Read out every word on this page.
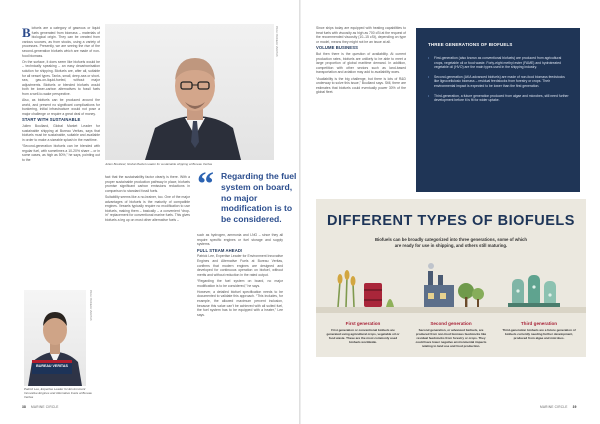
B iofuels are a category of gaseous or liquid fuels generated from biomass – materials of biological origin. They can be created from various sources, as from stocks, using a variety of processes. Presently, we are seeing the rise of the second-generation biofuels which are made of non-food biomass.

On the surface, it does seem like biofuels would be – technically speaking – an easy decarbonisation solution for shipping. Biofuels are, after all, suitable for all vessel types. Tanks, small, deep-sea or short-sea, gas-on-liquid-fueled, without major adjustments. Biofuels or blended biofuels would both be lower-carbon alternatives to fossil fuels from a well-to-wake perspective.

Also, as biofuels can be produced around the world, and present no significant complications for bunkering, initial infrastructure would not pose a major challenge or require a great deal of money.

START WITH SUSTAINABLE

Julien Boulland, Global Market Leader for sustainable shipping at Bureau Veritas, says that biofuels must be sustainable, suitable and available in order to make a sizeable splash in the maritime.

“Second-generation biofuels can be blended with regular fuel, with sometimes a 10-20% share – or in some cases, as high as 50%,” he says, pointing out to the

Photo: BUREAU VERITAS
Julien Boulland, Global Market Leader for sustainable shipping at Bureau Veritas

fact that the sustainability factor clearly is there. With a proper sustainable production pathway in place, biofuels promise significant carbon emissions reductions in comparison to standard fossil fuels.

Suitability seems like a no-brainer, too. One of the major advantages of biofuels is the maturity of compatible engines. Vessels typically require no modification to use biofuels, making them – basically – a convenient “drop-in” replacement for conventional marine fuels. This gives biofuels a leg up on most other alternative fuels –

“ Regarding the fuel system on board, no major modification is to be considered.

such as hydrogen, ammonia and LNG – since they all require specific engines or fuel storage and supply systems.

FULL STEAM AHEAD!

Patrick Lee, Expertise Leader for Environment Innovative Engines and Alternative Fuels at Bureau Veritas, confirms that modern engines are designed and developed for continuous operation on biofuel, without merits and without reduction in the rated output.

“Regarding the fuel system on board, no major modification is to be considered,” he says.

However, a detailed biofuel specification needs to be documented to validate this approach. “This includes, for example, the allowed maximum percent inclusion, because this value can’t be achieved with all suited fuel, the fuel system has to be equipped with a heater,” Lee says.

BUREAU VERITAS
Photo: BUREAU VERITAS
Patrick Lee, Expertise Leader for Environment Innovative Engines and Alternative Fuels at Bureau Veritas
38 MARINE CIRCLE

Since ships today are equipped with heating capabilities to treat fuels with viscosity as high as 700 cSt at the request of the recommended viscosity (10–15 cSt), depending on type or model, means they might not be an issue at all.

VOLUME BUSINESS

But then there is the question of availability. At current production rates, biofuels are unlikely to be able to meet a large proportion of global maritime demand. In addition, competition with other sectors such as land-based transportation and aviation may add to availability woes.

“Availability is the big challenge, but there is lots of R&D underway to solve this issue,” Boulland says. Still, there are estimates that biofuels could eventually power 30% of the global fleet.

THREE GENERATIONS OF BIOFUELS
• First-generation (also known as conventional biofuels) are produced from agricultural crops, vegetable oil or food waste. Forty-eight methyl ester (FAME) and hydrotreated vegetable oil (HVO) are the main types used in the shipping industry.
• Second-generation (AKA advanced biofuels) are made of non-food biomass feedstocks like lignocellulosic biomass – residual feedstocks from forestry or crops. Their environmental impact is expected to be lower than the first generation.
• Third-generation, a future generation produced from algae and microbes, still need further development before it is fit for wider uptake.
DIFFERENT TYPES OF BIOFUELS
Biofuels can be broadly categorized into three generations, some of which are ready for use in shipping, and others still maturing.
First generation
First generation or conventional biofuels are generated using agricultural crops, vegetable oil or food waste. These are the most commonly used biofuels worldwide.
Second generation
Second generation, or advanced biofuels, are produced from non-food biomass feedstocks like residual feedstocks from forestry or crops. They could have lower negative environmental impacts relating to land use and food production.
Third generation
Third-generation biofuels are a future generation of biofuels currently needing further development, produced from algae and microbes.
MARINE CIRCLE 39
